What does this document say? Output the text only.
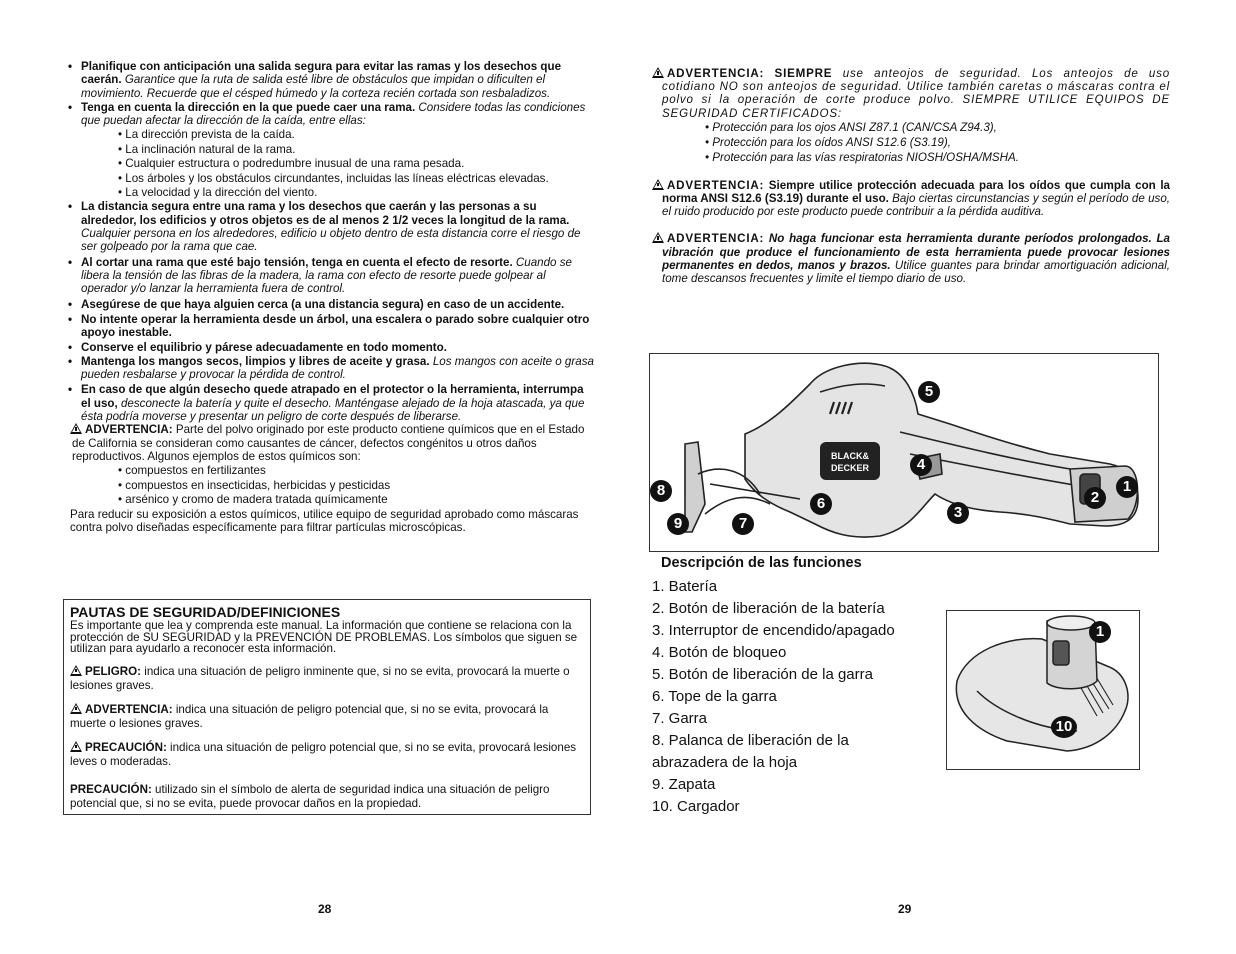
• Planifique con anticipación una salida segura para evitar las ramas y los desechos que caerán. Garantice que la ruta de salida esté libre de obstáculos que impidan o dificulten el movimiento. Recuerde que el césped húmedo y la corteza recién cortada son resbaladizos.

• Tenga en cuenta la dirección en la que puede caer una rama. Considere todas las condiciones que puedan afectar la dirección de la caída, entre ellas:

• La dirección prevista de la caída.

• La inclinación natural de la rama.

• Cualquier estructura o podredumbre inusual de una rama pesada.

• Los árboles y los obstáculos circundantes, incluidas las líneas eléctricas elevadas.

• La velocidad y la dirección del viento.

• La distancia segura entre una rama y los desechos que caerán y las personas a su alrededor, los edificios y otros objetos es de al menos 2 1/2 veces la longitud de la rama. Cualquier persona en los alrededores, edificio u objeto dentro de esta distancia corre el riesgo de ser golpeado por la rama que cae.

• Al cortar una rama que esté bajo tensión, tenga en cuenta el efecto de resorte. Cuando se libera la tensión de las fibras de la madera, la rama con efecto de resorte puede golpear al operador y/o lanzar la herramienta fuera de control.

• Asegúrese de que haya alguien cerca (a una distancia segura) en caso de un accidente.

• No intente operar la herramienta desde un árbol, una escalera o parado sobre cualquier otro apoyo inestable.

• Conserve el equilibrio y párese adecuadamente en todo momento.

• Mantenga los mangos secos, limpios y libres de aceite y grasa. Los mangos con aceite o grasa pueden resbalarse y provocar la pérdida de control.

• En caso de que algún desecho quede atrapado en el protector o la herramienta, interrumpa el uso, desconecte la batería y quite el desecho. Manténgase alejado de la hoja atascada, ya que ésta podría moverse y presentar un peligro de corte después de liberarse.

ADVERTENCIA: Parte del polvo originado por este producto contiene químicos que en el Estado de California se consideran como causantes de cáncer, defectos congénitos u otros daños reproductivos. Algunos ejemplos de estos químicos son:

• compuestos en fertilizantes

• compuestos en insecticidas, herbicidas y pesticidas

• arsénico y cromo de madera tratada químicamente

Para reducir su exposición a estos químicos, utilice equipo de seguridad aprobado como máscaras contra polvo diseñadas específicamente para filtrar partículas microscópicas.

PAUTAS DE SEGURIDAD/DEFINICIONES

Es importante que lea y comprenda este manual. La información que contiene se relaciona con la protección de SU SEGURIDAD y la PREVENCIÓN DE PROBLEMAS. Los símbolos que siguen se utilizan para ayudarlo a reconocer esta información.

PELIGRO: indica una situación de peligro inminente que, si no se evita, provocará la muerte o lesiones graves.

ADVERTENCIA: indica una situación de peligro potencial que, si no se evita, provocará la muerte o lesiones graves.

PRECAUCIÓN: indica una situación de peligro potencial que, si no se evita, provocará lesiones leves o moderadas.

PRECAUCIÓN: utilizado sin el símbolo de alerta de seguridad indica una situación de peligro potencial que, si no se evita, puede provocar daños en la propiedad.

28

ADVERTENCIA: SIEMPRE use anteojos de seguridad. Los anteojos de uso cotidiano NO son anteojos de seguridad. Utilice también caretas o máscaras contra el polvo si la operación de corte produce polvo. SIEMPRE UTILICE EQUIPOS DE SEGURIDAD CERTIFICADOS:

• Protección para los ojos ANSI Z87.1 (CAN/CSA Z94.3),

• Protección para los oídos ANSI S12.6 (S3.19),

• Protección para las vías respiratorias NIOSH/OSHA/MSHA.

ADVERTENCIA: Siempre utilice protección adecuada para los oídos que cumpla con la norma ANSI S12.6 (S3.19) durante el uso. Bajo ciertas circunstancias y según el período de uso, el ruido producido por este producto puede contribuir a la pérdida auditiva.

ADVERTENCIA: No haga funcionar esta herramienta durante períodos prolongados. La vibración que produce el funcionamiento de esta herramienta puede provocar lesiones permanentes en dedos, manos y brazos. Utilice guantes para brindar amortiguación adicional, tome descansos frecuentes y limite el tiempo diario de uso.

BLACK&
DECKER
5
4
1
2
3
6
8
9	7
Descripción de las funciones
1. Batería
2. Botón de liberación de la batería
3. Interruptor de encendido/apagado
4. Botón de bloqueo
5. Botón de liberación de la garra
6. Tope de la garra
7. Garra
8. Palanca de liberación de la
abrazadera de la hoja
9. Zapata
10. Cargador
1
10
29
